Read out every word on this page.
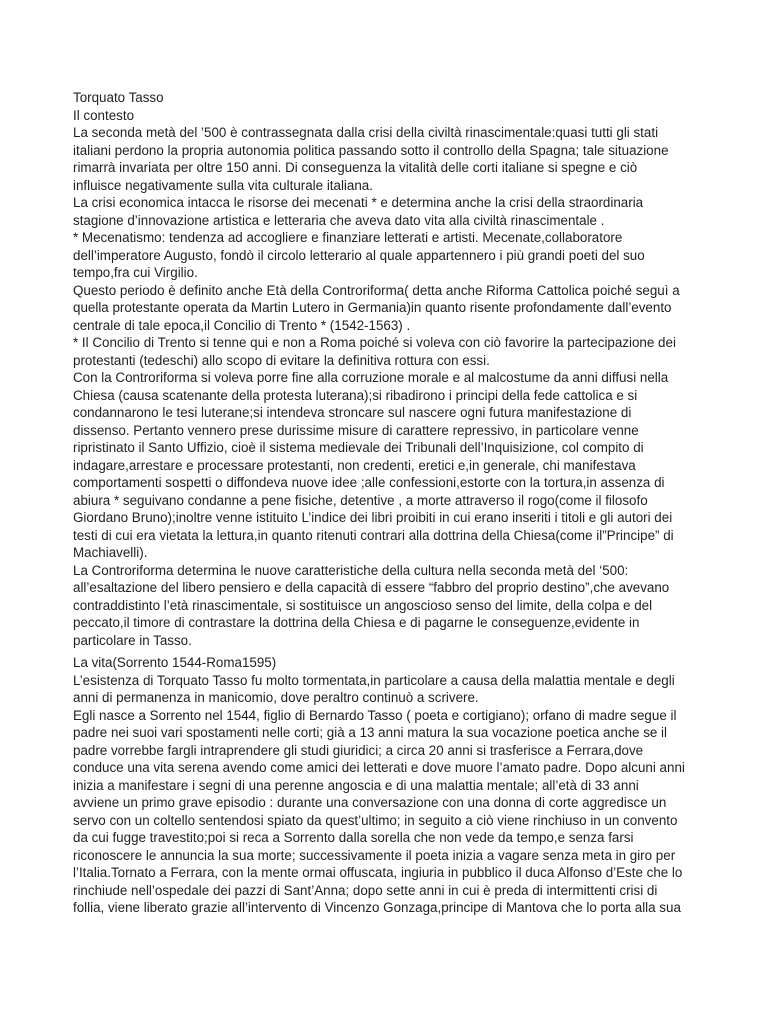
Torquato Tasso
Il contesto
La seconda metà del ’500 è contrassegnata dalla crisi della civiltà rinascimentale:quasi tutti gli stati
italiani perdono la propria autonomia politica passando sotto il controllo della Spagna; tale situazione
rimarrà invariata per oltre 150 anni. Di conseguenza la vitalità delle corti italiane si spegne e ciò
influisce negativamente sulla vita culturale italiana.
La crisi economica intacca le risorse dei mecenati * e determina anche la crisi della straordinaria
stagione d’innovazione artistica e letteraria che aveva dato vita alla civiltà rinascimentale .
* Mecenatismo: tendenza ad accogliere e finanziare letterati e artisti. Mecenate,collaboratore
dell’imperatore Augusto, fondò il circolo letterario al quale appartennero i più grandi poeti del suo
tempo,fra cui Virgilio.
Questo periodo è definito anche Età della Controriforma( detta anche Riforma Cattolica poiché seguì a
quella protestante operata da Martin Lutero in Germania)in quanto risente profondamente dall’evento
centrale di tale epoca,il Concilio di Trento * (1542-1563) .
* Il Concilio di Trento si tenne qui e non a Roma poiché si voleva con ciò favorire la partecipazione dei
protestanti (tedeschi) allo scopo di evitare la definitiva rottura con essi.
Con la Controriforma si voleva porre fine alla corruzione morale e al malcostume da anni diffusi nella
Chiesa (causa scatenante della protesta luterana);si ribadirono i principi della fede cattolica e si
condannarono le tesi luterane;si intendeva stroncare sul nascere ogni futura manifestazione di
dissenso. Pertanto vennero prese durissime misure di carattere repressivo, in particolare venne
ripristinato il Santo Uffizio, cioè il sistema medievale dei Tribunali dell’Inquisizione, col compito di
indagare,arrestare e processare protestanti, non credenti, eretici e,in generale, chi manifestava
comportamenti sospetti o diffondeva nuove idee ;alle confessioni,estorte con la tortura,in assenza di
abiura * seguivano condanne a pene fisiche, detentive , a morte attraverso il rogo(come il filosofo
Giordano Bruno);inoltre venne istituito L’indice dei libri proibiti in cui erano inseriti i titoli e gli autori dei
testi di cui era vietata la lettura,in quanto ritenuti contrari alla dottrina della Chiesa(come il”Principe” di
Machiavelli).
La Controriforma determina le nuove caratteristiche della cultura nella seconda metà del ‘500:
all’esaltazione del libero pensiero e della capacità di essere “fabbro del proprio destino”,che avevano
contraddistinto l’età rinascimentale, si sostituisce un angoscioso senso del limite, della colpa e del
peccato,il timore di contrastare la dottrina della Chiesa e di pagarne le conseguenze,evidente in
particolare in Tasso.
La vita(Sorrento 1544-Roma1595)
L’esistenza di Torquato Tasso fu molto tormentata,in particolare a causa della malattia mentale e degli
anni di permanenza in manicomio, dove peraltro continuò a scrivere.
Egli nasce a Sorrento nel 1544, figlio di Bernardo Tasso ( poeta e cortigiano); orfano di madre segue il
padre nei suoi vari spostamenti nelle corti; già a 13 anni matura la sua vocazione poetica anche se il
padre vorrebbe fargli intraprendere gli studi giuridici; a circa 20 anni si trasferisce a Ferrara,dove
conduce una vita serena avendo come amici dei letterati e dove muore l’amato padre. Dopo alcuni anni
inizia a manifestare i segni di una perenne angoscia e di una malattia mentale; all’età di 33 anni
avviene un primo grave episodio : durante una conversazione con una donna di corte aggredisce un
servo con un coltello sentendosi spiato da quest’ultimo; in seguito a ciò viene rinchiuso in un convento
da cui fugge travestito;poi si reca a Sorrento dalla sorella che non vede da tempo,e senza farsi
riconoscere le annuncia la sua morte; successivamente il poeta inizia a vagare senza meta in giro per
l’Italia.Tornato a Ferrara, con la mente ormai offuscata, ingiuria in pubblico il duca Alfonso d’Este che lo
rinchiude nell’ospedale dei pazzi di Sant’Anna; dopo sette anni in cui è preda di intermittenti crisi di
follia, viene liberato grazie all’intervento di Vincenzo Gonzaga,principe di Mantova che lo porta alla sua
